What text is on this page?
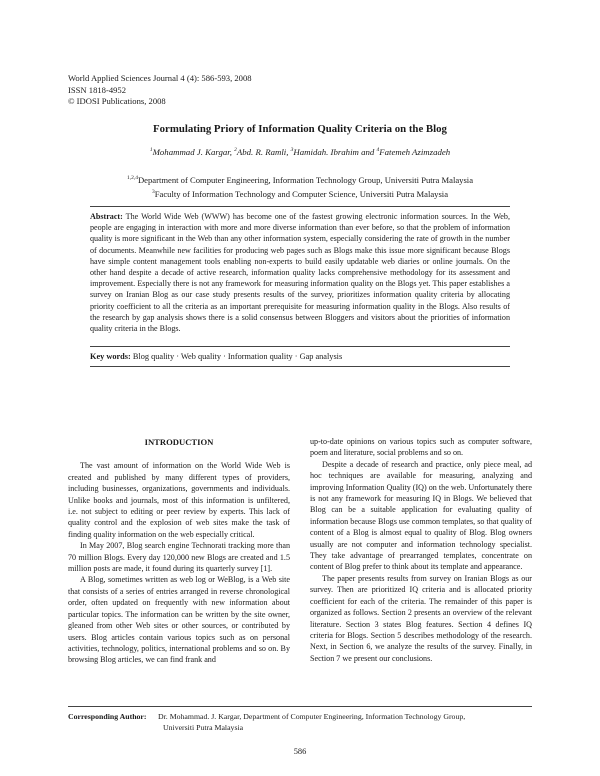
World Applied Sciences Journal 4 (4): 586-593, 2008
ISSN 1818-4952
© IDOSI Publications, 2008
Formulating Priory of Information Quality Criteria on the Blog
$^1$Mohammad J. Kargar, $^2$Abd. R. Ramli, $^3$Hamidah. Ibrahim and $^4$Fatemeh Azimzadeh
$^{1,2,4}$Department of Computer Engineering, Information Technology Group, Universiti Putra Malaysia
$^3$Faculty of Information Technology and Computer Science, Universiti Putra Malaysia
Abstract: The World Wide Web (WWW) has become one of the fastest growing electronic information sources. In the Web, people are engaging in interaction with more and more diverse information than ever before, so that the problem of information quality is more significant in the Web than any other information system, especially considering the rate of growth in the number of documents. Meanwhile new facilities for producing web pages such as Blogs make this issue more significant because Blogs have simple content management tools enabling non-experts to build easily updatable web diaries or online journals. On the other hand despite a decade of active research, information quality lacks comprehensive methodology for its assessment and improvement. Especially there is not any framework for measuring information quality on the Blogs yet. This paper establishes a survey on Iranian Blog as our case study presents results of the survey, prioritizes information quality criteria by allocating priority coefficient to all the criteria as an important prerequisite for measuring information quality in the Blogs. Also results of the research by gap analysis shows there is a solid consensus between Bloggers and visitors about the priorities of information quality criteria in the Blogs.
Key words: Blog quality · Web quality · Information quality · Gap analysis
INTRODUCTION

The vast amount of information on the World Wide Web is created and published by many different types of providers, including businesses, organizations, governments and individuals. Unlike books and journals, most of this information is unfiltered, i.e. not subject to editing or peer review by experts. This lack of quality control and the explosion of web sites make the task of finding quality information on the web especially critical.

In May 2007, Blog search engine Technorati tracking more than 70 million Blogs. Every day 120,000 new Blogs are created and 1.5 million posts are made, it found during its quarterly survey [1].

A Blog, sometimes written as web log or WeBlog, is a Web site that consists of a series of entries arranged in reverse chronological order, often updated on frequently with new information about particular topics. The information can be written by the site owner, gleaned from other Web sites or other sources, or contributed by users. Blog articles contain various topics such as on personal activities, technology, politics, international problems and so on. By browsing Blog articles, we can find frank and

up-to-date opinions on various topics such as computer software, poem and literature, social problems and so on.

Despite a decade of research and practice, only piece meal, ad hoc techniques are available for measuring, analyzing and improving Information Quality (IQ) on the web. Unfortunately there is not any framework for measuring IQ in Blogs. We believed that Blog can be a suitable application for evaluating quality of information because Blogs use common templates, so that quality of content of a Blog is almost equal to quality of Blog. Blog owners usually are not computer and information technology specialist. They take advantage of prearranged templates, concentrate on content of Blog prefer to think about its template and appearance.

The paper presents results from survey on Iranian Blogs as our survey. Then are prioritized IQ criteria and is allocated priority coefficient for each of the criteria. The remainder of this paper is organized as follows. Section 2 presents an overview of the relevant literature. Section 3 states Blog features. Section 4 defines IQ criteria for Blogs. Section 5 describes methodology of the research. Next, in Section 6, we analyze the results of the survey. Finally, in Section 7 we present our conclusions.

Corresponding Author: Dr. Mohammad. J. Kargar, Department of Computer Engineering, Information Technology Group,
Universiti Putra Malaysia
586
